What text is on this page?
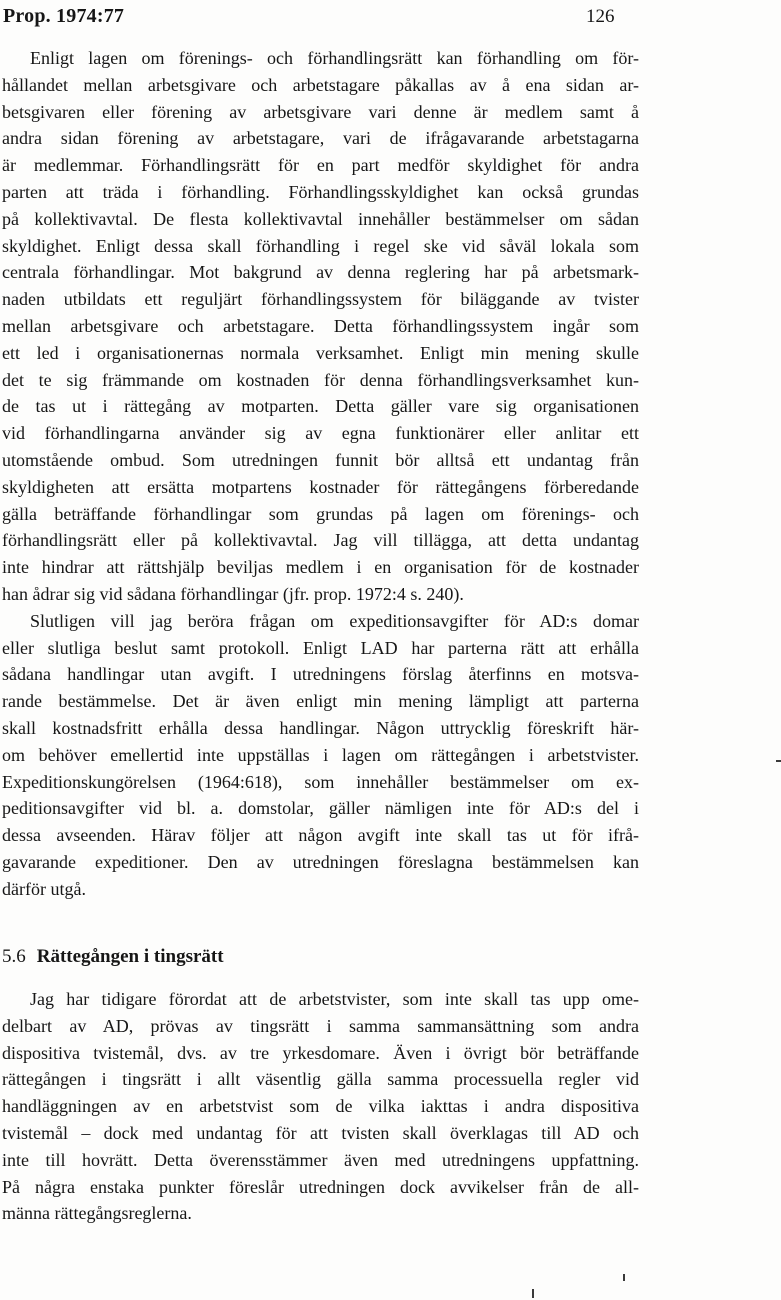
Prop. 1974:77	126
Enligt lagen om förenings- och förhandlingsrätt kan förhandling om för-
hållandet mellan arbetsgivare och arbetstagare påkallas av å ena sidan ar-
betsgivaren eller förening av arbetsgivare vari denne är medlem samt å
andra sidan förening av arbetstagare, vari de ifrågavarande arbetstagarna
är medlemmar. Förhandlingsrätt för en part medför skyldighet för andra
parten att träda i förhandling. Förhandlingsskyldighet kan också grundas
på kollektivavtal. De flesta kollektivavtal innehåller bestämmelser om sådan
skyldighet. Enligt dessa skall förhandling i regel ske vid såväl lokala som
centrala förhandlingar. Mot bakgrund av denna reglering har på arbetsmark-
naden utbildats ett reguljärt förhandlingssystem för biläggande av tvister
mellan arbetsgivare och arbetstagare. Detta förhandlingssystem ingår som
ett led i organisationernas normala verksamhet. Enligt min mening skulle
det te sig främmande om kostnaden för denna förhandlingsverksamhet kun-
de tas ut i rättegång av motparten. Detta gäller vare sig organisationen
vid förhandlingarna använder sig av egna funktionärer eller anlitar ett
utomstående ombud. Som utredningen funnit bör alltså ett undantag från
skyldigheten att ersätta motpartens kostnader för rättegångens förberedande
gälla beträffande förhandlingar som grundas på lagen om förenings- och
förhandlingsrätt eller på kollektivavtal. Jag vill tillägga, att detta undantag
inte hindrar att rättshjälp beviljas medlem i en organisation för de kostnader
han ådrar sig vid sådana förhandlingar (jfr. prop. 1972:4 s. 240).
Slutligen vill jag beröra frågan om expeditionsavgifter för AD:s domar
eller slutliga beslut samt protokoll. Enligt LAD har parterna rätt att erhålla
sådana handlingar utan avgift. I utredningens förslag återfinns en motsva-
rande bestämmelse. Det är även enligt min mening lämpligt att parterna
skall kostnadsfritt erhålla dessa handlingar. Någon uttrycklig föreskrift här-
om behöver emellertid inte uppställas i lagen om rättegången i arbetstvister.
Expeditionskungörelsen (1964:618), som innehåller bestämmelser om ex-
peditionsavgifter vid bl. a. domstolar, gäller nämligen inte för AD:s del i
dessa avseenden. Härav följer att någon avgift inte skall tas ut för ifrå-
gavarande expeditioner. Den av utredningen föreslagna bestämmelsen kan
därför utgå.
5.6 Rättegången i tingsrätt
Jag har tidigare förordat att de arbetstvister, som inte skall tas upp ome-
delbart av AD, prövas av tingsrätt i samma sammansättning som andra
dispositiva tvistemål, dvs. av tre yrkesdomare. Även i övrigt bör beträffande
rättegången i tingsrätt i allt väsentlig gälla samma processuella regler vid
handläggningen av en arbetstvist som de vilka iakttas i andra dispositiva
tvistemål – dock med undantag för att tvisten skall överklagas till AD och
inte till hovrätt. Detta överensstämmer även med utredningens uppfattning.
På några enstaka punkter föreslår utredningen dock avvikelser från de all-
männa rättegångsreglerna.
